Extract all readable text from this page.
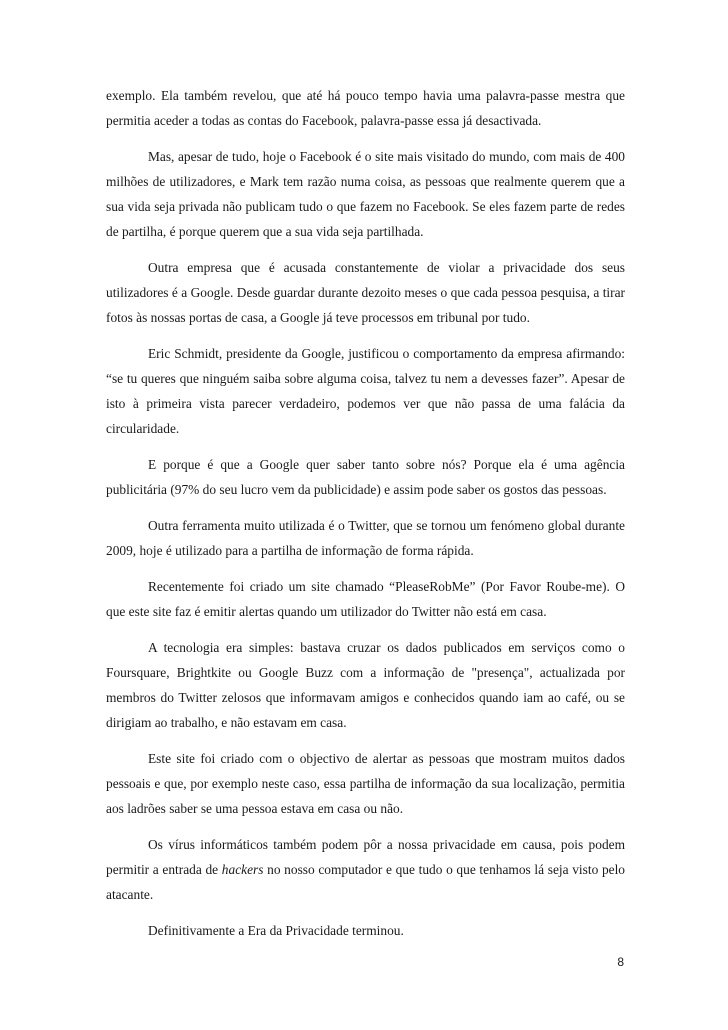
exemplo. Ela também revelou, que até há pouco tempo havia uma palavra-passe mestra que permitia aceder a todas as contas do Facebook, palavra-passe essa já desactivada.

Mas, apesar de tudo, hoje o Facebook é o site mais visitado do mundo, com mais de 400 milhões de utilizadores, e Mark tem razão numa coisa, as pessoas que realmente querem que a sua vida seja privada não publicam tudo o que fazem no Facebook. Se eles fazem parte de redes de partilha, é porque querem que a sua vida seja partilhada.

Outra empresa que é acusada constantemente de violar a privacidade dos seus utilizadores é a Google. Desde guardar durante dezoito meses o que cada pessoa pesquisa, a tirar fotos às nossas portas de casa, a Google já teve processos em tribunal por tudo.

Eric Schmidt, presidente da Google, justificou o comportamento da empresa afirmando: “se tu queres que ninguém saiba sobre alguma coisa, talvez tu nem a devesses fazer”. Apesar de isto à primeira vista parecer verdadeiro, podemos ver que não passa de uma falácia da circularidade.

E porque é que a Google quer saber tanto sobre nós? Porque ela é uma agência publicitária (97% do seu lucro vem da publicidade) e assim pode saber os gostos das pessoas.

Outra ferramenta muito utilizada é o Twitter, que se tornou um fenómeno global durante 2009, hoje é utilizado para a partilha de informação de forma rápida.

Recentemente foi criado um site chamado “PleaseRobMe” (Por Favor Roube-me). O que este site faz é emitir alertas quando um utilizador do Twitter não está em casa.

A tecnologia era simples: bastava cruzar os dados publicados em serviços como o Foursquare, Brightkite ou Google Buzz com a informação de "presença", actualizada por membros do Twitter zelosos que informavam amigos e conhecidos quando iam ao café, ou se dirigiam ao trabalho, e não estavam em casa.

Este site foi criado com o objectivo de alertar as pessoas que mostram muitos dados pessoais e que, por exemplo neste caso, essa partilha de informação da sua localização, permitia aos ladrões saber se uma pessoa estava em casa ou não.

Os vírus informáticos também podem pôr a nossa privacidade em causa, pois podem permitir a entrada de hackers no nosso computador e que tudo o que tenhamos lá seja visto pelo atacante.

Definitivamente a Era da Privacidade terminou.

8
